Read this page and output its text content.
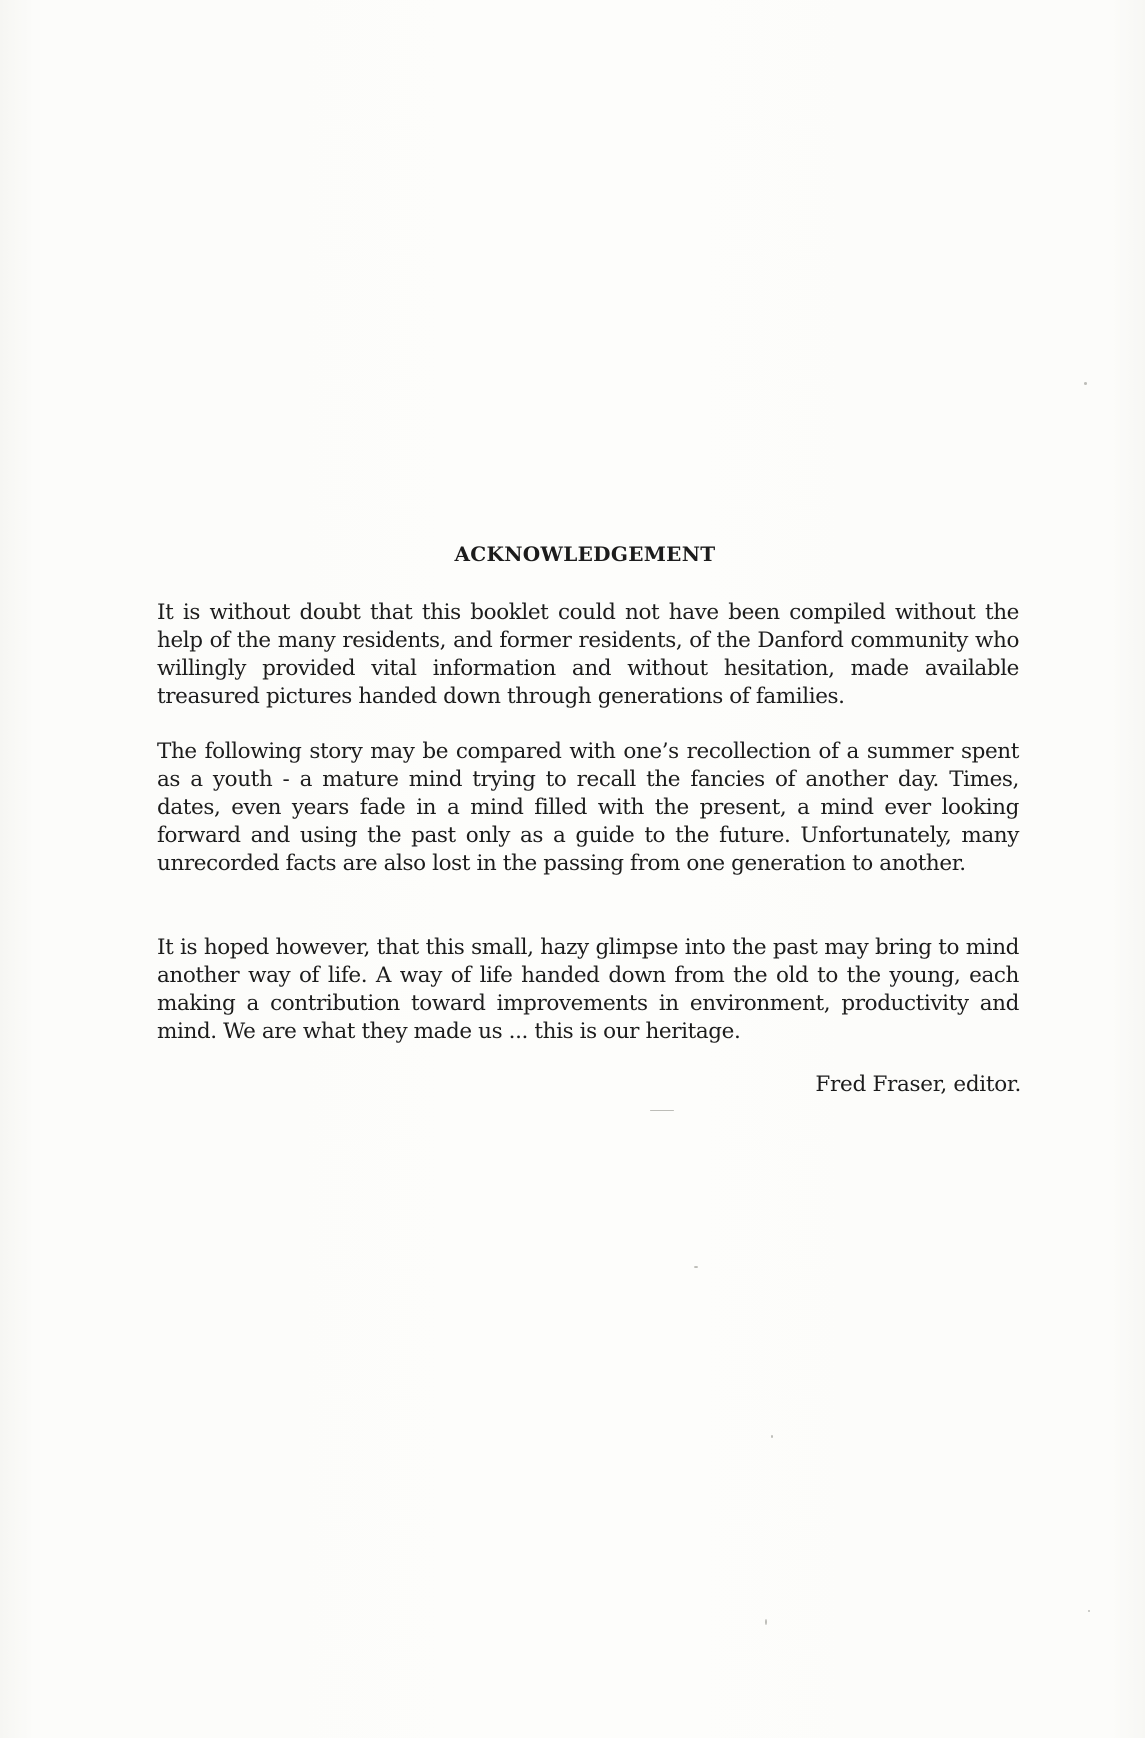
ACKNOWLEDGEMENT

It is without doubt that this booklet could not have been compiled without the help of the many residents, and former residents, of the Danford community who willingly provided vital information and without hesitation, made available treasured pictures handed down through generations of families.

The following story may be compared with one’s recollection of a summer spent as a youth - a mature mind trying to recall the fancies of another day. Times, dates, even years fade in a mind filled with the present, a mind ever looking forward and using the past only as a guide to the future. Unfortunately, many unrecorded facts are also lost in the passing from one generation to another.

It is hoped however, that this small, hazy glimpse into the past may bring to mind another way of life. A way of life handed down from the old to the young, each making a contribution toward improvements in environment, productivity and mind. We are what they made us ... this is our heritage.

Fred Fraser, editor.
